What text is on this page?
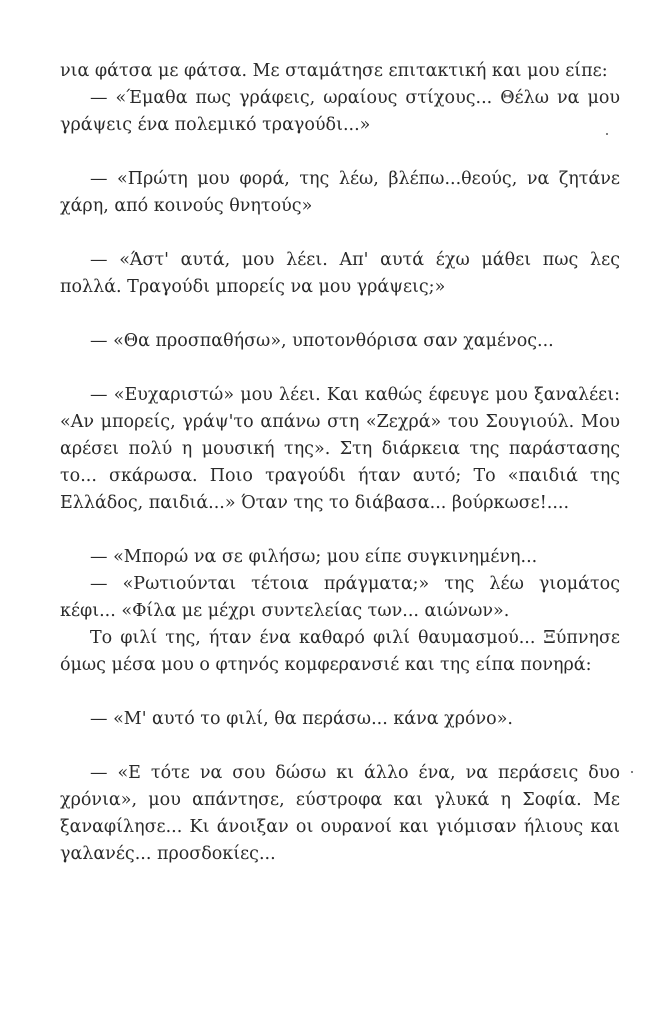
νια φάτσα με φάτσα. Με σταμάτησε επιτακτική και μου είπε:

— «Έμαθα πως γράφεις, ωραίους στίχους... Θέλω να μου γράψεις ένα πολεμικό τραγούδι...»

— «Πρώτη μου φορά, της λέω, βλέπω...θεούς, να ζητάνε χάρη, από κοινούς θνητούς»

— «Άστ' αυτά, μου λέει. Απ' αυτά έχω μάθει πως λες πολλά. Τραγούδι μπορείς να μου γράψεις;»

— «Θα προσπαθήσω», υποτονθόρισα σαν χαμένος...

— «Ευχαριστώ» μου λέει. Και καθώς έφευγε μου ξαναλέει: «Αν μπορείς, γράψ'το απάνω στη «Ζεχρά» του Σουγιούλ. Μου αρέσει πολύ η μουσική της». Στη διάρκεια της παράστασης το... σκάρωσα. Ποιο τραγούδι ήταν αυτό; Το «παιδιά της Ελλάδος, παιδιά...» Όταν της το διάβασα... βούρκωσε!....

— «Μπορώ να σε φιλήσω; μου είπε συγκινημένη...

— «Ρωτιούνται τέτοια πράγματα;» της λέω γιομάτος κέφι... «Φίλα με μέχρι συντελείας των... αιώνων».

Το φιλί της, ήταν ένα καθαρό φιλί θαυμασμού... Ξύπνησε όμως μέσα μου ο φτηνός κομφερανσιέ και της είπα πονηρά:

— «Μ' αυτό το φιλί, θα περάσω... κάνα χρόνο».

— «Ε τότε να σου δώσω κι άλλο ένα, να περάσεις δυο χρόνια», μου απάντησε, εύστροφα και γλυκά η Σοφία. Με ξαναφίλησε... Κι άνοιξαν οι ουρανοί και γιόμισαν ήλιους και γαλανές... προσδοκίες...
